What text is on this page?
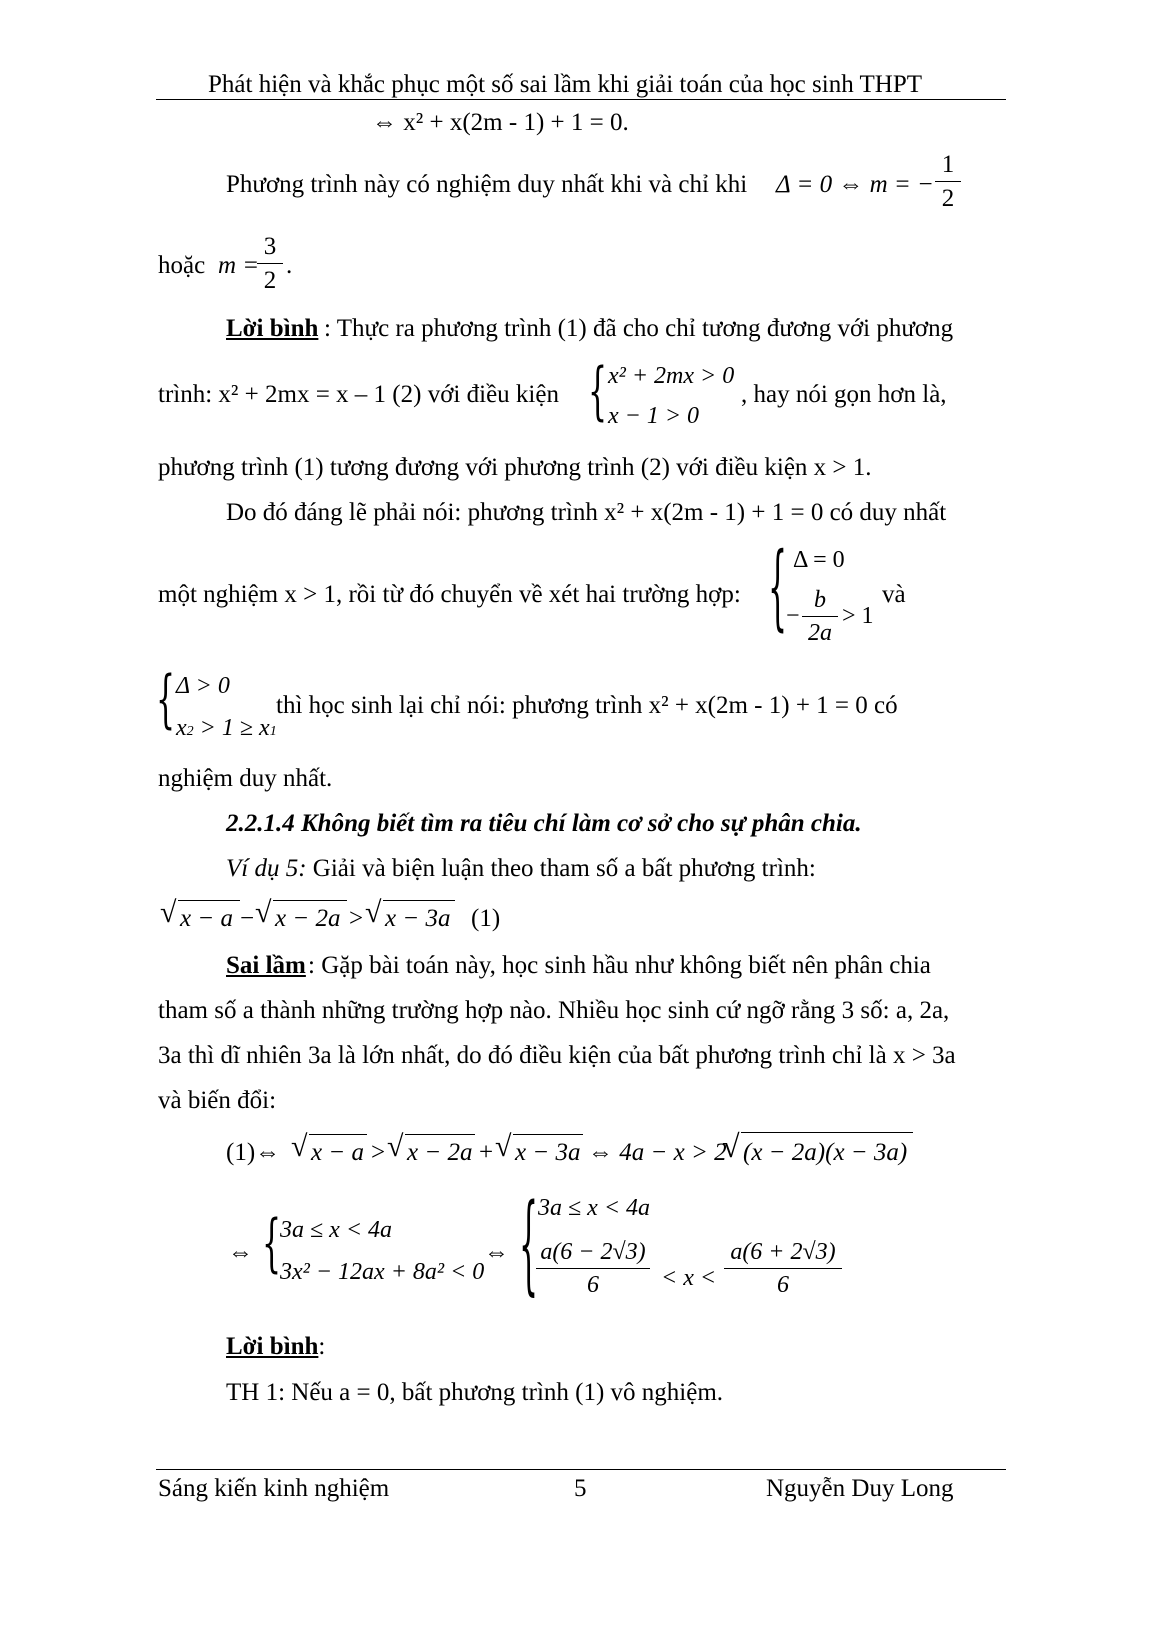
Phát hiện và khắc phục một số sai lầm khi giải toán của học sinh THPT
⇔ x² + x(2m - 1) + 1 = 0.
Phương trình này có nghiệm duy nhất khi và chỉ khi Δ = 0 ⇔ m = −
1
2
hoặc m =
3
2
.
Lời bình : Thực ra phương trình (1) đã cho chỉ tương đương với phương
trình: x² + 2mx = x – 1 (2) với điều kiện { x² + 2mx > 0
x − 1 > 0
, hay nói gọn hơn là,
phương trình (1) tương đương với phương trình (2) với điều kiện x > 1.
Do đó đáng lẽ phải nói: phương trình x² + x(2m - 1) + 1 = 0 có duy nhất
một nghiệm x > 1, rồi từ đó chuyển về xét hai trường hợp: { Δ = 0
−
b
2a
> 1
và
{ Δ > 0
x2 > 1 ≥ x1
thì học sinh lại chỉ nói: phương trình x² + x(2m - 1) + 1 = 0 có
nghiệm duy nhất.
2.2.1.4 Không biết tìm ra tiêu chí làm cơ sở cho sự phân chia.
Ví dụ 5: Giải và biện luận theo tham số a bất phương trình:
√ x − a − √ x − 2a > √ x − 3a (1)
Sai lầm : Gặp bài toán này, học sinh hầu như không biết nên phân chia
tham số a thành những trường hợp nào. Nhiều học sinh cứ ngỡ rằng 3 số: a, 2a,
3a thì dĩ nhiên 3a là lớn nhất, do đó điều kiện của bất phương trình chỉ là x > 3a
và biến đổi:
(1)⇔ √ x − a > √ x − 2a + √ x − 3a ⇔ 4a − x > 2
√ (x − 2a)(x − 3a)
⇔ {
3a ≤ x < 4a
3x² − 12ax + 8a² < 0
⇔ { 3a ≤ x < 4a
a(6 − 2√3)
6	< x <
a(6 + 2√3)
6
Lời bình:
TH 1: Nếu a = 0, bất phương trình (1) vô nghiệm.
Sáng kiến kinh nghiệm	5	Nguyễn Duy Long
